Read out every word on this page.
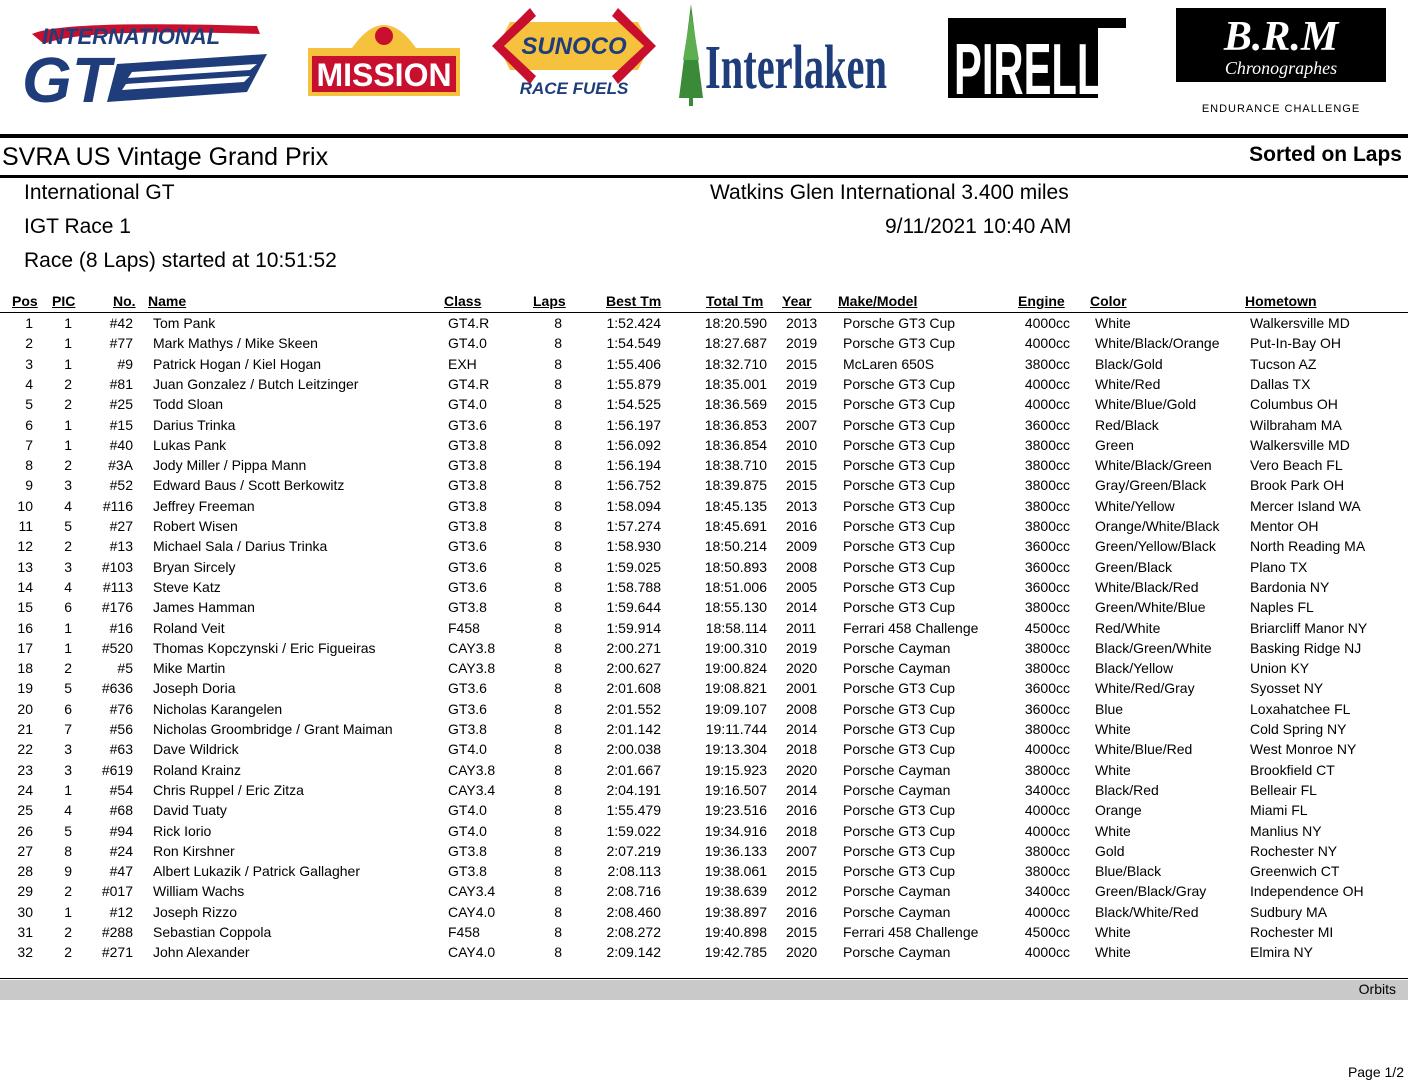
INTERNATIONAL
GT	MISSION
SUNOCO
RACE FUELS Interlaken PIRELLI	B.R.M
Chronographes
ENDURANCE CHALLENGE
SVRA US Vintage Grand Prix	Sorted on Laps
International GT
IGT Race 1
Race (8 Laps) started at 10:51:52
Watkins Glen International 3.400 miles
9/11/2021 10:40 AM
Pos PIC	No. Name	Class	Laps	Best Tm	Total Tm Year Make/Model	Engine Color	Hometown
1	1	#42 Tom Pank	GT4.R	8	1:52.424	18:20.590 2013 Porsche GT3 Cup	4000cc White	Walkersville MD
2	1	#77 Mark Mathys / Mike Skeen	GT4.0	8	1:54.549	18:27.687 2019 Porsche GT3 Cup	4000cc White/Black/Orange Put-In-Bay OH
3	1	#9 Patrick Hogan / Kiel Hogan	EXH	8	1:55.406	18:32.710 2015 McLaren 650S	3800cc Black/Gold	Tucson AZ
4	2	#81 Juan Gonzalez / Butch Leitzinger	GT4.R	8	1:55.879	18:35.001 2019 Porsche GT3 Cup	4000cc White/Red	Dallas TX
5	2	#25 Todd Sloan	GT4.0	8	1:54.525	18:36.569 2015 Porsche GT3 Cup	4000cc White/Blue/Gold	Columbus OH
6	1	#15 Darius Trinka	GT3.6	8	1:56.197	18:36.853 2007 Porsche GT3 Cup	3600cc Red/Black	Wilbraham MA
7	1	#40 Lukas Pank	GT3.8	8	1:56.092	18:36.854 2010 Porsche GT3 Cup	3800cc Green	Walkersville MD
8	2	#3A Jody Miller / Pippa Mann	GT3.8	8	1:56.194	18:38.710 2015 Porsche GT3 Cup	3800cc White/Black/Green	Vero Beach FL
9	3	#52 Edward Baus / Scott Berkowitz	GT3.8	8	1:56.752	18:39.875 2015 Porsche GT3 Cup	3800cc Gray/Green/Black	Brook Park OH
10	4	#116 Jeffrey Freeman	GT3.8	8	1:58.094	18:45.135 2013 Porsche GT3 Cup	3800cc White/Yellow	Mercer Island WA
11	5	#27 Robert Wisen	GT3.8	8	1:57.274	18:45.691 2016 Porsche GT3 Cup	3800cc Orange/White/Black Mentor OH
12	2	#13 Michael Sala / Darius Trinka	GT3.6	8	1:58.930	18:50.214 2009 Porsche GT3 Cup	3600cc Green/Yellow/Black North Reading MA
13	3	#103 Bryan Sircely	GT3.6	8	1:59.025	18:50.893 2008 Porsche GT3 Cup	3600cc Green/Black	Plano TX
14	4	#113 Steve Katz	GT3.6	8	1:58.788	18:51.006 2005 Porsche GT3 Cup	3600cc White/Black/Red	Bardonia NY
15	6	#176 James Hamman	GT3.8	8	1:59.644	18:55.130 2014 Porsche GT3 Cup	3800cc Green/White/Blue	Naples FL
16	1	#16 Roland Veit	F458	8	1:59.914	18:58.114 2011 Ferrari 458 Challenge	4500cc Red/White	Briarcliff Manor NY
17	1	#520 Thomas Kopczynski / Eric Figueiras	CAY3.8	8	2:00.271	19:00.310 2019 Porsche Cayman	3800cc Black/Green/White	Basking Ridge NJ
18	2	#5 Mike Martin	CAY3.8	8	2:00.627	19:00.824 2020 Porsche Cayman	3800cc Black/Yellow	Union KY
19	5	#636 Joseph Doria	GT3.6	8	2:01.608	19:08.821 2001 Porsche GT3 Cup	3600cc White/Red/Gray	Syosset NY
20	6	#76 Nicholas Karangelen	GT3.6	8	2:01.552	19:09.107 2008 Porsche GT3 Cup	3600cc Blue	Loxahatchee FL
21	7	#56 Nicholas Groombridge / Grant Maiman	GT3.8	8	2:01.142	19:11.744 2014 Porsche GT3 Cup	3800cc White	Cold Spring NY
22	3	#63 Dave Wildrick	GT4.0	8	2:00.038	19:13.304 2018 Porsche GT3 Cup	4000cc White/Blue/Red	West Monroe NY
23	3	#619 Roland Krainz	CAY3.8	8	2:01.667	19:15.923 2020 Porsche Cayman	3800cc White	Brookfield CT
24	1	#54 Chris Ruppel / Eric Zitza	CAY3.4	8	2:04.191	19:16.507 2014 Porsche Cayman	3400cc Black/Red	Belleair FL
25	4	#68 David Tuaty	GT4.0	8	1:55.479	19:23.516 2016 Porsche GT3 Cup	4000cc Orange	Miami FL
26	5	#94 Rick Iorio	GT4.0	8	1:59.022	19:34.916 2018 Porsche GT3 Cup	4000cc White	Manlius NY
27	8	#24 Ron Kirshner	GT3.8	8	2:07.219	19:36.133 2007 Porsche GT3 Cup	3800cc Gold	Rochester NY
28	9	#47 Albert Lukazik / Patrick Gallagher	GT3.8	8	2:08.113	19:38.061 2015 Porsche GT3 Cup	3800cc Blue/Black	Greenwich CT
29	2	#017 William Wachs	CAY3.4	8	2:08.716	19:38.639 2012 Porsche Cayman	3400cc Green/Black/Gray	Independence OH
30	1	#12 Joseph Rizzo	CAY4.0	8	2:08.460	19:38.897 2016 Porsche Cayman	4000cc Black/White/Red	Sudbury MA
31	2	#288 Sebastian Coppola	F458	8	2:08.272	19:40.898 2015 Ferrari 458 Challenge	4500cc White	Rochester MI
32	2	#271 John Alexander	CAY4.0	8	2:09.142	19:42.785 2020 Porsche Cayman	4000cc White	Elmira NY
Orbits
Page 1/2
